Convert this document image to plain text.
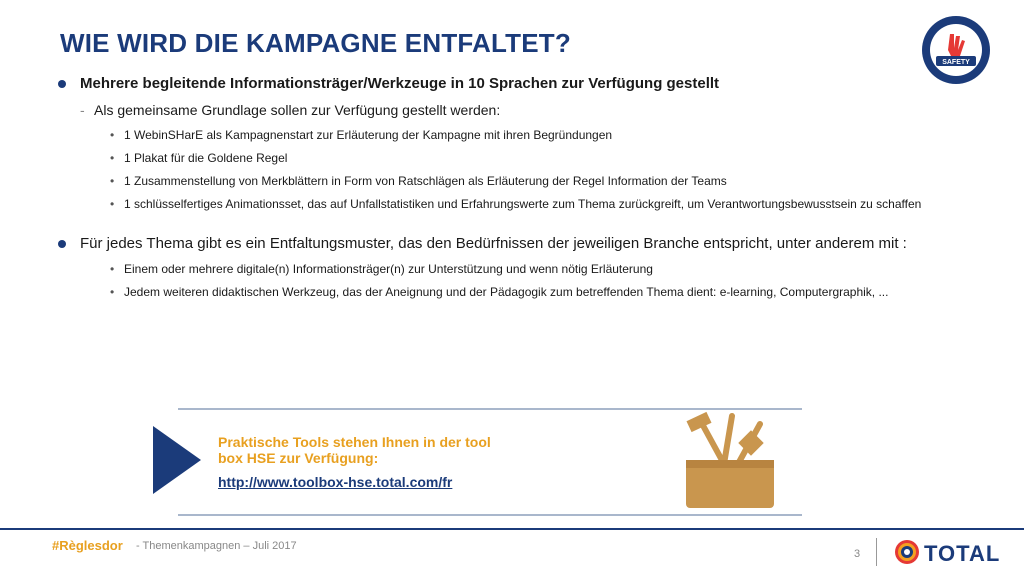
WIE WIRD DIE KAMPAGNE ENTFALTET?
SAFETY
Mehrere begleitende Informationsträger/Werkzeuge in 10 Sprachen zur Verfügung gestellt
- Als gemeinsame Grundlage sollen zur Verfügung gestellt werden:
• 1 WebinSHarE als Kampagnenstart zur Erläuterung der Kampagne mit ihren Begründungen
• 1 Plakat für die Goldene Regel
• 1 Zusammenstellung von Merkblättern in Form von Ratschlägen als Erläuterung der Regel Information der Teams
• 1 schlüsselfertiges Animationsset, das auf Unfallstatistiken und Erfahrungswerte zum Thema zurückgreift, um Verantwortungsbewusstsein zu schaffen
Für jedes Thema gibt es ein Entfaltungsmuster, das den Bedürfnissen der jeweiligen Branche entspricht, unter anderem mit :
• Einem oder mehrere digitale(n) Informationsträger(n) zur Unterstützung und wenn nötig Erläuterung
• Jedem weiteren didaktischen Werkzeug, das der Aneignung und der Pädagogik zum betreffenden Thema dient: e-learning, Computergraphik, ...
Praktische Tools stehen Ihnen in der tool box HSE zur Verfügung:
http://www.toolbox-hse.total.com/fr
#Règlesdor - Themenkampagnen – Juli 2017
3	TOTAL
